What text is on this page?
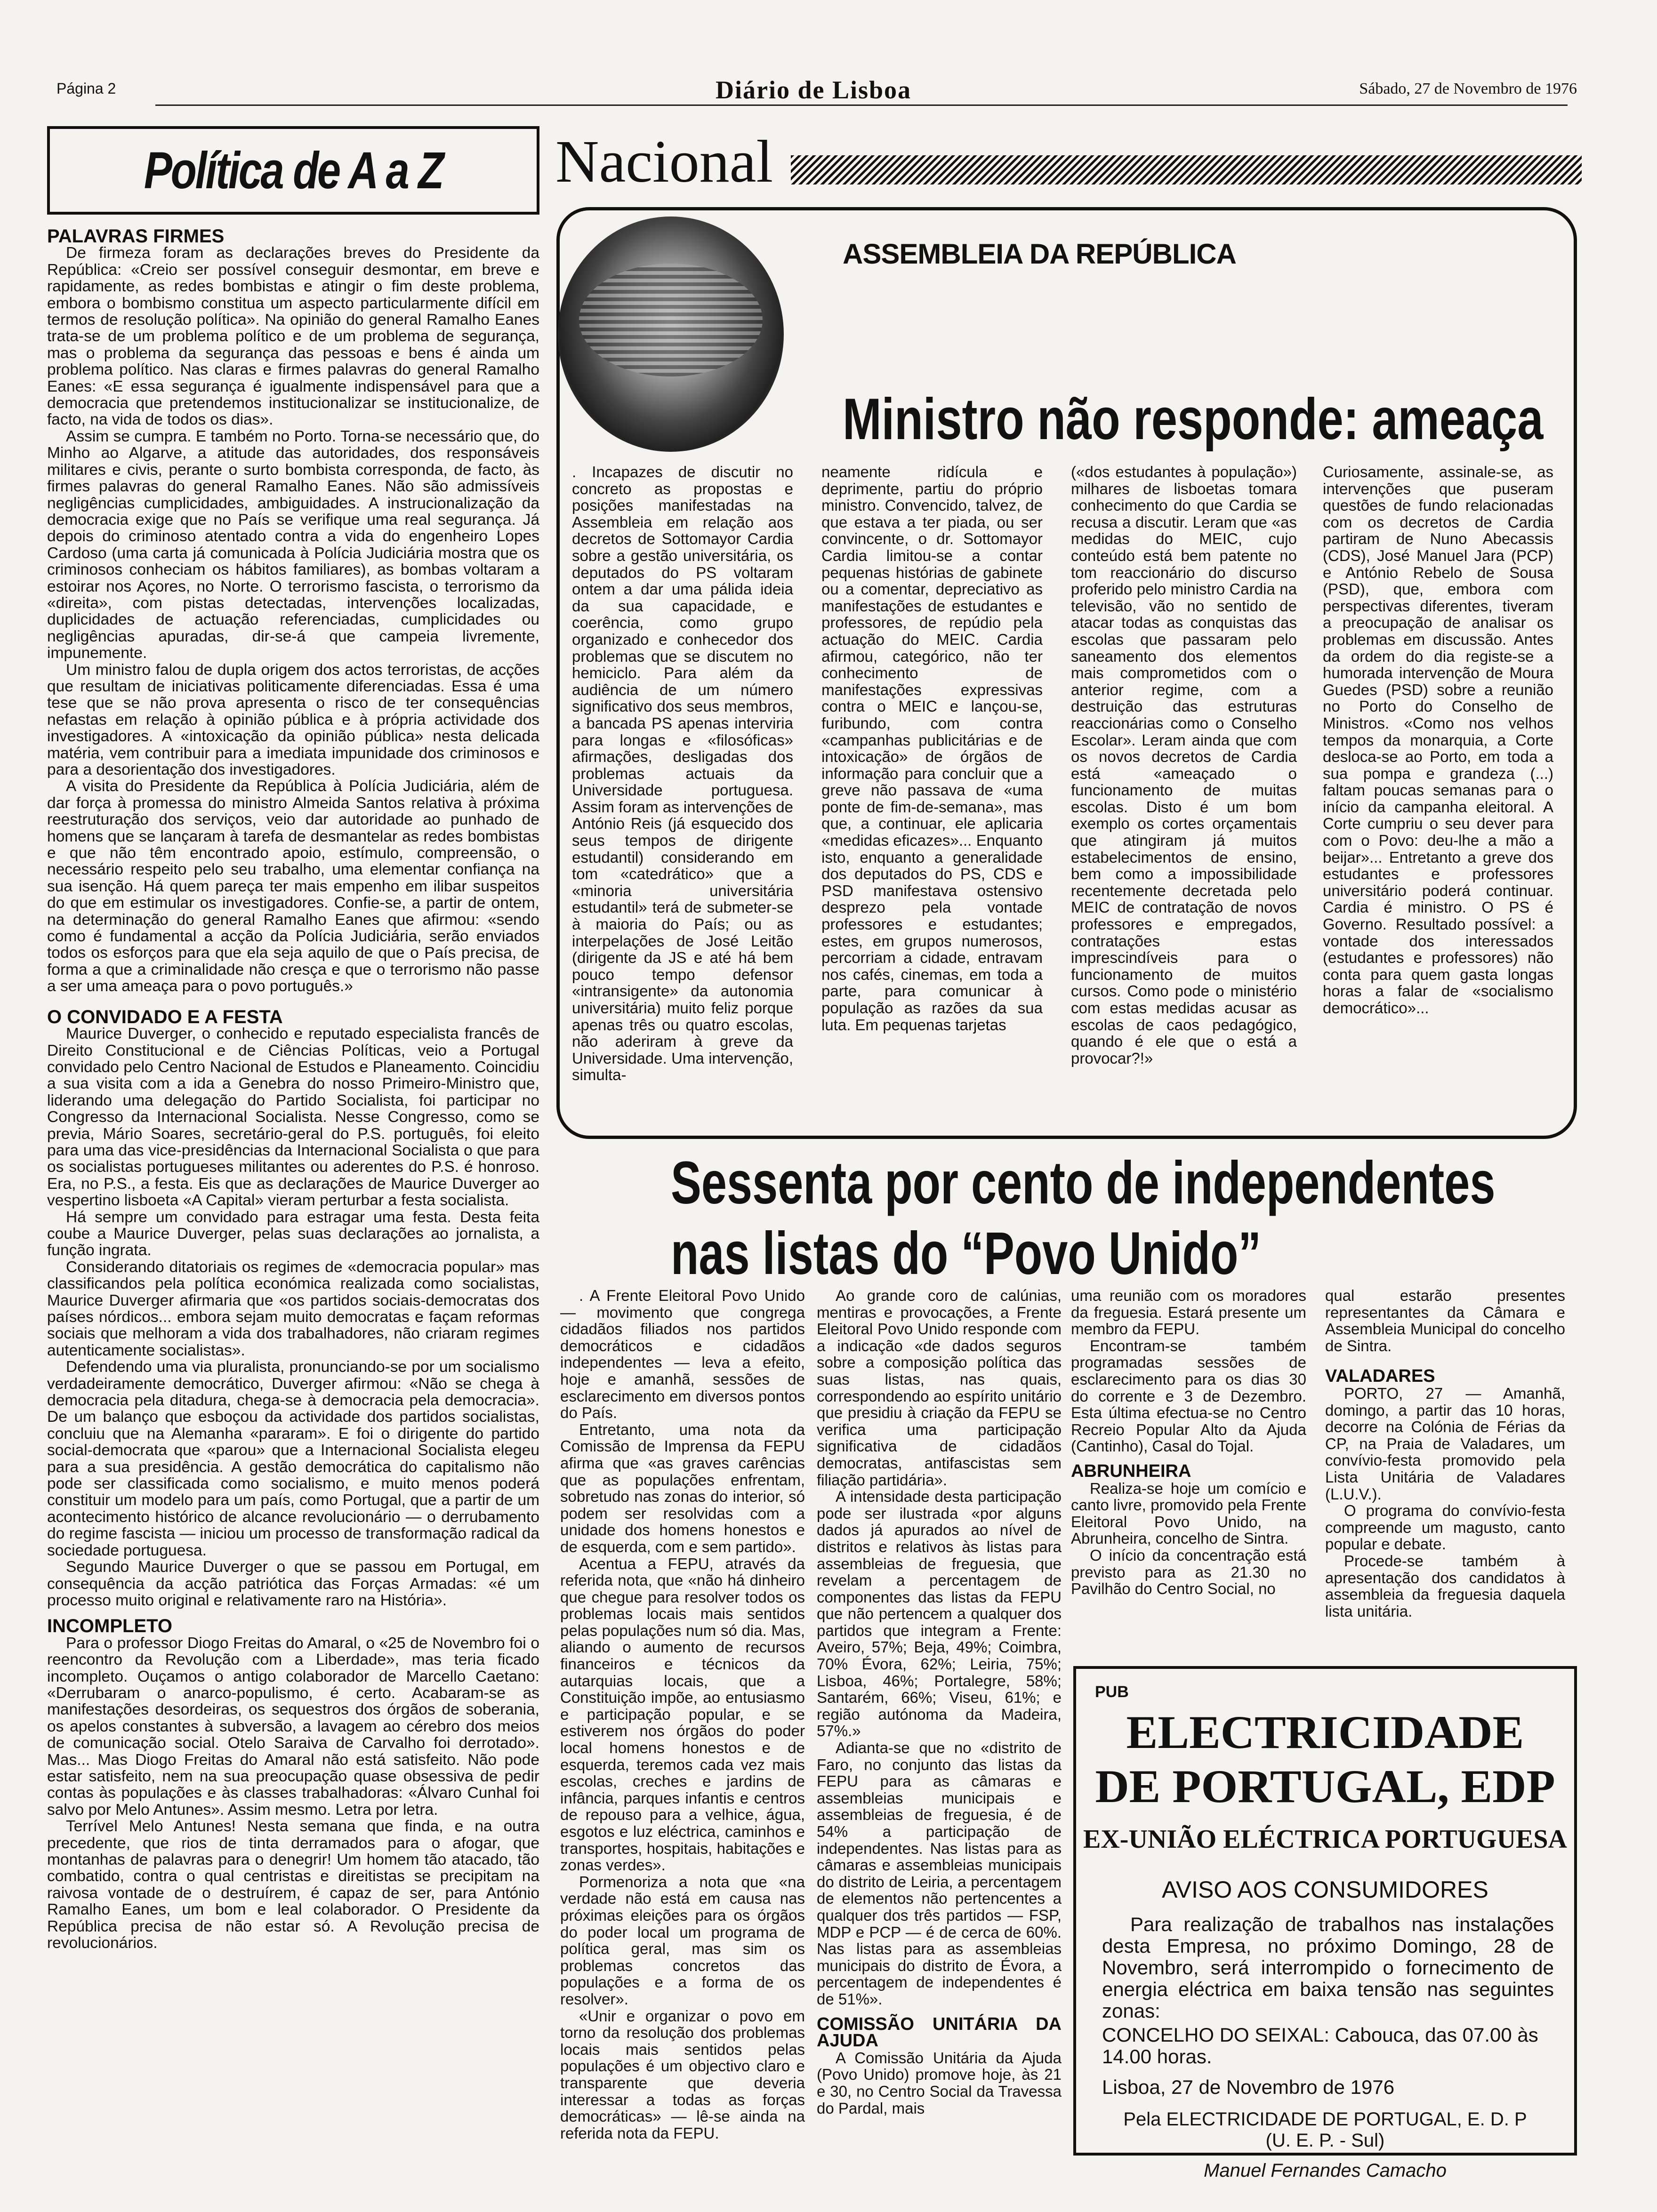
Página 2	Diário de Lisboa	Sábado, 27 de Novembro de 1976
Política de A a Z
PALAVRAS FIRMES

De firmeza foram as declarações breves do Presidente da República: «Creio ser possível conseguir desmontar, em breve e rapidamente, as redes bombistas e atingir o fim deste problema, embora o bombismo constitua um aspecto particularmente difícil em termos de resolução política». Na opinião do general Ramalho Eanes trata-se de um problema político e de um problema de segurança, mas o problema da segurança das pessoas e bens é ainda um problema político. Nas claras e firmes palavras do general Ramalho Eanes: «E essa segurança é igualmente indispensável para que a democracia que pretendemos institucionalizar se institucionalize, de facto, na vida de todos os dias».

Assim se cumpra. E também no Porto. Torna-se necessário que, do Minho ao Algarve, a atitude das autoridades, dos responsáveis militares e civis, perante o surto bombista corresponda, de facto, às firmes palavras do general Ramalho Eanes. Não são admissíveis negligências cumplicidades, ambiguidades. A instrucionalização da democracia exige que no País se verifique uma real segurança. Já depois do criminoso atentado contra a vida do engenheiro Lopes Cardoso (uma carta já comunicada à Polícia Judiciária mostra que os criminosos conheciam os hábitos familiares), as bombas voltaram a estoirar nos Açores, no Norte. O terrorismo fascista, o terrorismo da «direita», com pistas detectadas, intervenções localizadas, duplicidades de actuação referenciadas, cumplicidades ou negligências apuradas, dir-se-á que campeia livremente, impunemente.

Um ministro falou de dupla origem dos actos terroristas, de acções que resultam de iniciativas politicamente diferenciadas. Essa é uma tese que se não prova apresenta o risco de ter consequências nefastas em relação à opinião pública e à própria actividade dos investigadores. A «intoxicação da opinião pública» nesta delicada matéria, vem contribuir para a imediata impunidade dos criminosos e para a desorientação dos investigadores.

A visita do Presidente da República à Polícia Judiciária, além de dar força à promessa do ministro Almeida Santos relativa à próxima reestruturação dos serviços, veio dar autoridade ao punhado de homens que se lançaram à tarefa de desmantelar as redes bombistas e que não têm encontrado apoio, estímulo, compreensão, o necessário respeito pelo seu trabalho, uma elementar confiança na sua isenção. Há quem pareça ter mais empenho em ilibar suspeitos do que em estimular os investigadores. Confie-se, a partir de ontem, na determinação do general Ramalho Eanes que afirmou: «sendo como é fundamental a acção da Polícia Judiciária, serão enviados todos os esforços para que ela seja aquilo de que o País precisa, de forma a que a criminalidade não cresça e que o terrorismo não passe a ser uma ameaça para o povo português.»

O CONVIDADO E A FESTA

Maurice Duverger, o conhecido e reputado especialista francês de Direito Constitucional e de Ciências Políticas, veio a Portugal convidado pelo Centro Nacional de Estudos e Planeamento. Coincidiu a sua visita com a ida a Genebra do nosso Primeiro-Ministro que, liderando uma delegação do Partido Socialista, foi participar no Congresso da Internacional Socialista. Nesse Congresso, como se previa, Mário Soares, secretário-geral do P.S. português, foi eleito para uma das vice-presidências da Internacional Socialista o que para os socialistas portugueses militantes ou aderentes do P.S. é honroso. Era, no P.S., a festa. Eis que as declarações de Maurice Duverger ao vespertino lisboeta «A Capital» vieram perturbar a festa socialista.

Há sempre um convidado para estragar uma festa. Desta feita coube a Maurice Duverger, pelas suas declarações ao jornalista, a função ingrata.

Considerando ditatoriais os regimes de «democracia popular» mas classificandos pela política económica realizada como socialistas, Maurice Duverger afirmaria que «os partidos sociais-democratas dos países nórdicos... embora sejam muito democratas e façam reformas sociais que melhoram a vida dos trabalhadores, não criaram regimes autenticamente socialistas».

Defendendo uma via pluralista, pronunciando-se por um socialismo verdadeiramente democrático, Duverger afirmou: «Não se chega à democracia pela ditadura, chega-se à democracia pela democracia». De um balanço que esboçou da actividade dos partidos socialistas, concluiu que na Alemanha «pararam». E foi o dirigente do partido social-democrata que «parou» que a Internacional Socialista elegeu para a sua presidência. A gestão democrática do capitalismo não pode ser classificada como socialismo, e muito menos poderá constituir um modelo para um país, como Portugal, que a partir de um acontecimento histórico de alcance revolucionário — o derrubamento do regime fascista — iniciou um processo de transformação radical da sociedade portuguesa.

Segundo Maurice Duverger o que se passou em Portugal, em consequência da acção patriótica das Forças Armadas: «é um processo muito original e relativamente raro na História».

INCOMPLETO

Para o professor Diogo Freitas do Amaral, o «25 de Novembro foi o reencontro da Revolução com a Liberdade», mas teria ficado incompleto. Ouçamos o antigo colaborador de Marcello Caetano: «Derrubaram o anarco-populismo, é certo. Acabaram-se as manifestações desordeiras, os sequestros dos órgãos de soberania, os apelos constantes à subversão, a lavagem ao cérebro dos meios de comunicação social. Otelo Saraiva de Carvalho foi derrotado». Mas... Mas Diogo Freitas do Amaral não está satisfeito. Não pode estar satisfeito, nem na sua preocupação quase obsessiva de pedir contas às populações e às classes trabalhadoras: «Álvaro Cunhal foi salvo por Melo Antunes». Assim mesmo. Letra por letra.

Terrível Melo Antunes! Nesta semana que finda, e na outra precedente, que rios de tinta derramados para o afogar, que montanhas de palavras para o denegrir! Um homem tão atacado, tão combatido, contra o qual centristas e direitistas se precipitam na raivosa vontade de o destruírem, é capaz de ser, para António Ramalho Eanes, um bom e leal colaborador. O Presidente da República precisa de não estar só. A Revolução precisa de revolucionários.

Nacional
ASSEMBLEIA DA REPÚBLICA
Ministro não responde: ameaça
. Incapazes de discutir no concreto as propostas e posições manifestadas na Assembleia em relação aos decretos de Sottomayor Cardia sobre a gestão universitária, os deputados do PS voltaram ontem a dar uma pálida ideia da sua capacidade, e coerência, como grupo organizado e conhecedor dos problemas que se discutem no hemiciclo. Para além da audiência de um número significativo dos seus membros, a bancada PS apenas interviria para longas e «filosóficas» afirmações, desligadas dos problemas actuais da Universidade portuguesa. Assim foram as intervenções de António Reis (já esquecido dos seus tempos de dirigente estudantil) considerando em tom «catedrático» que a «minoria universitária estudantil» terá de submeter-se à maioria do País; ou as interpelações de José Leitão (dirigente da JS e até há bem pouco tempo defensor «intransigente» da autonomia universitária) muito feliz porque apenas três ou quatro escolas, não aderiram à greve da Universidade. Uma intervenção, simulta-
neamente ridícula e deprimente, partiu do próprio ministro. Convencido, talvez, de que estava a ter piada, ou ser convincente, o dr. Sottomayor Cardia limitou-se a contar pequenas histórias de gabinete ou a comentar, depreciativo as manifestações de estudantes e professores, de repúdio pela actuação do MEIC. Cardia afirmou, categórico, não ter conhecimento de manifestações expressivas contra o MEIC e lançou-se, furibundo, com contra «campanhas publicitárias e de intoxicação» de órgãos de informação para concluir que a greve não passava de «uma ponte de fim-de-semana», mas que, a continuar, ele aplicaria «medidas eficazes»... Enquanto isto, enquanto a generalidade dos deputados do PS, CDS e PSD manifestava ostensivo desprezo pela vontade professores e estudantes; estes, em grupos numerosos, percorriam a cidade, entravam nos cafés, cinemas, em toda a parte, para comunicar à população as razões da sua luta. Em pequenas tarjetas
(«dos estudantes à população») milhares de lisboetas tomara conhecimento do que Cardia se recusa a discutir. Leram que «as medidas do MEIC, cujo conteúdo está bem patente no tom reaccionário do discurso proferido pelo ministro Cardia na televisão, vão no sentido de atacar todas as conquistas das escolas que passaram pelo saneamento dos elementos mais comprometidos com o anterior regime, com a destruição das estruturas reaccionárias como o Conselho Escolar». Leram ainda que com os novos decretos de Cardia está «ameaçado o funcionamento de muitas escolas. Disto é um bom exemplo os cortes orçamentais que atingiram já muitos estabelecimentos de ensino, bem como a impossibilidade recentemente decretada pelo MEIC de contratação de novos professores e empregados, contratações estas imprescindíveis para o funcionamento de muitos cursos. Como pode o ministério com estas medidas acusar as escolas de caos pedagógico, quando é ele que o está a provocar?!»
Curiosamente, assinale-se, as intervenções que puseram questões de fundo relacionadas com os decretos de Cardia partiram de Nuno Abecassis (CDS), José Manuel Jara (PCP) e António Rebelo de Sousa (PSD), que, embora com perspectivas diferentes, tiveram a preocupação de analisar os problemas em discussão. Antes da ordem do dia registe-se a humorada intervenção de Moura Guedes (PSD) sobre a reunião no Porto do Conselho de Ministros. «Como nos velhos tempos da monarquia, a Corte desloca-se ao Porto, em toda a sua pompa e grandeza (...) faltam poucas semanas para o início da campanha eleitoral. A Corte cumpriu o seu dever para com o Povo: deu-lhe a mão a beijar»... Entretanto a greve dos estudantes e professores universitário poderá continuar. Cardia é ministro. O PS é Governo. Resultado possível: a vontade dos interessados (estudantes e professores) não conta para quem gasta longas horas a falar de «socialismo democrático»...
Sessenta por cento de independentes
nas listas do “Povo Unido”

. A Frente Eleitoral Povo Unido — movimento que congrega cidadãos filiados nos partidos democráticos e cidadãos independentes — leva a efeito, hoje e amanhã, sessões de esclarecimento em diversos pontos do País.

Entretanto, uma nota da Comissão de Imprensa da FEPU afirma que «as graves carências que as populações enfrentam, sobretudo nas zonas do interior, só podem ser resolvidas com a unidade dos homens honestos e de esquerda, com e sem partido».

Acentua a FEPU, através da referida nota, que «não há dinheiro que chegue para resolver todos os problemas locais mais sentidos pelas populações num só dia. Mas, aliando o aumento de recursos financeiros e técnicos da autarquias locais, que a Constituição impõe, ao entusiasmo e participação popular, e se estiverem nos órgãos do poder local homens honestos e de esquerda, teremos cada vez mais escolas, creches e jardins de infância, parques infantis e centros de repouso para a velhice, água, esgotos e luz eléctrica, caminhos e transportes, hospitais, habitações e zonas verdes».

Pormenoriza a nota que «na verdade não está em causa nas próximas eleições para os órgãos do poder local um programa de política geral, mas sim os problemas concretos das populações e a forma de os resolver».

«Unir e organizar o povo em torno da resolução dos problemas locais mais sentidos pelas populações é um objectivo claro e transparente que deveria interessar a todas as forças democráticas» — lê-se ainda na referida nota da FEPU.

Ao grande coro de calúnias, mentiras e provocações, a Frente Eleitoral Povo Unido responde com a indicação «de dados seguros sobre a composição política das suas listas, nas quais, correspondendo ao espírito unitário que presidiu à criação da FEPU se verifica uma participação significativa de cidadãos democratas, antifascistas sem filiação partidária».

A intensidade desta participação pode ser ilustrada «por alguns dados já apurados ao nível de distritos e relativos às listas para assembleias de freguesia, que revelam a percentagem de componentes das listas da FEPU que não pertencem a qualquer dos partidos que integram a Frente: Aveiro, 57%; Beja, 49%; Coimbra, 70% Évora, 62%; Leiria, 75%; Lisboa, 46%; Portalegre, 58%; Santarém, 66%; Viseu, 61%; e região autónoma da Madeira, 57%.»

Adianta-se que no «distrito de Faro, no conjunto das listas da FEPU para as câmaras e assembleias municipais e assembleias de freguesia, é de 54% a participação de independentes. Nas listas para as câmaras e assembleias municipais do distrito de Leiria, a percentagem de elementos não pertencentes a qualquer dos três partidos — FSP, MDP e PCP — é de cerca de 60%. Nas listas para as assembleias municipais do distrito de Évora, a percentagem de independentes é de 51%».

COMISSÃO UNITÁRIA DA AJUDA

A Comissão Unitária da Ajuda (Povo Unido) promove hoje, às 21 e 30, no Centro Social da Travessa do Pardal, mais

uma reunião com os moradores da freguesia. Estará presente um membro da FEPU.

Encontram-se também programadas sessões de esclarecimento para os dias 30 do corrente e 3 de Dezembro. Esta última efectua-se no Centro Recreio Popular Alto da Ajuda (Cantinho), Casal do Tojal.

ABRUNHEIRA

Realiza-se hoje um comício e canto livre, promovido pela Frente Eleitoral Povo Unido, na Abrunheira, concelho de Sintra.

O início da concentração está previsto para as 21.30 no Pavilhão do Centro Social, no

qual estarão presentes representantes da Câmara e Assembleia Municipal do concelho de Sintra.

VALADARES

PORTO, 27 — Amanhã, domingo, a partir das 10 horas, decorre na Colónia de Férias da CP, na Praia de Valadares, um convívio-festa promovido pela Lista Unitária de Valadares (L.U.V.).

O programa do convívio-festa compreende um magusto, canto popular e debate.

Procede-se também à apresentação dos candidatos à assembleia da freguesia daquela lista unitária.

PUB
ELECTRICIDADE
DE PORTUGAL, EDP
EX-UNIÃO ELÉCTRICA PORTUGUESA
AVISO AOS CONSUMIDORES
Para realização de trabalhos nas instalações desta Empresa, no próximo Domingo, 28 de Novembro, será interrompido o fornecimento de energia eléctrica em baixa tensão nas seguintes zonas:
CONCELHO DO SEIXAL: Cabouca, das 07.00 às 14.00 horas.
Lisboa, 27 de Novembro de 1976
Pela ELECTRICIDADE DE PORTUGAL, E. D. P
(U. E. P. - Sul)
Manuel Fernandes Camacho
